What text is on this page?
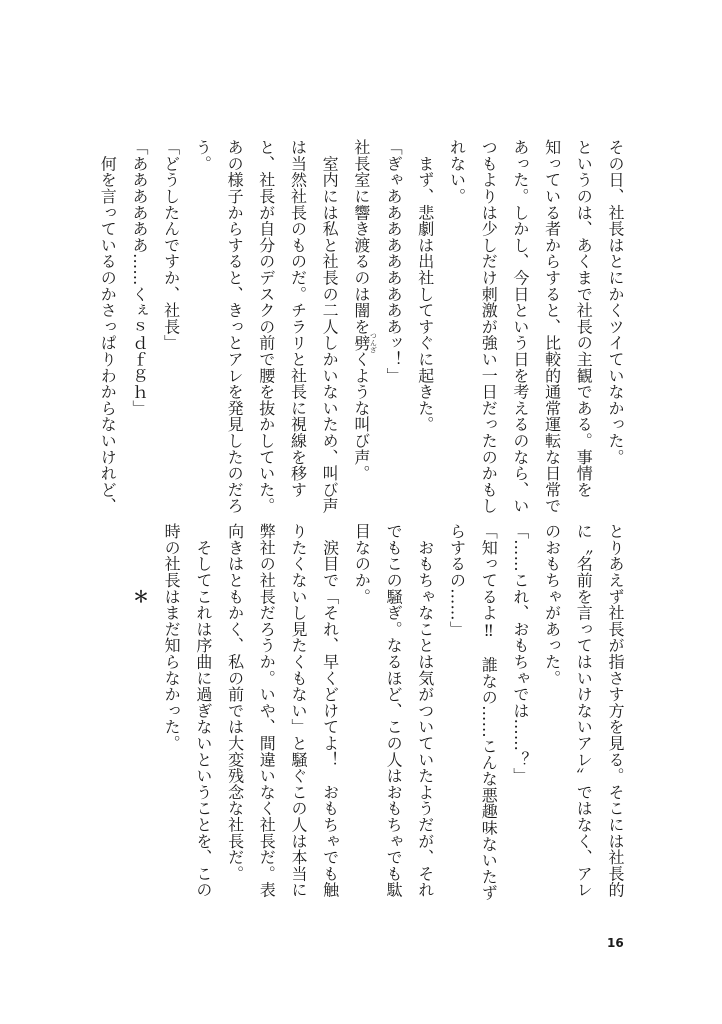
その日、社長はとにかくツイていなかった。
というのは、あくまで社長の主観である。事情を
知っている者からすると、比較的通常運転な日常で
あった。しかし、今日という日を考えるのなら、い
つもよりは少しだけ刺激が強い一日だったのかもし
れない。
　まず、悲劇は出社してすぐに起きた。
「ぎゃあああああああああッ！」
社長室に響き渡るのは闇を劈つんざくような叫び声。
　室内には私と社長の二人しかいないため、叫び声
は当然社長のものだ。チラリと社長に視線を移す
と、社長が自分のデスクの前で腰を抜かしていた。
あの様子からすると、きっとアレを発見したのだろ
う。
「どうしたんですか、社長」
「ああああああ……くぇｓｄｆｇｈ」
　何を言っているのかさっぱりわからないけれど、
とりあえず社長が指さす方を見る。そこには社長的
に〝名前を言ってはいけないアレ〟ではなく、アレ
のおもちゃがあった。
「……これ、おもちゃでは……？」
「知ってるよ‼　誰なの……こんな悪趣味ないたず
らするの……」
　おもちゃなことは気がついていたようだが、それ
でもこの騒ぎ。なるほど、この人はおもちゃでも駄
目なのか。
　涙目で「それ、早くどけてよ！　おもちゃでも触
りたくないし見たくもない」と騒ぐこの人は本当に
弊社の社長だろうか。いや、間違いなく社長だ。表
向きはともかく、私の前では大変残念な社長だ。
　そしてこれは序曲に過ぎないということを、この
時の社長はまだ知らなかった。
　　　　＊
16
